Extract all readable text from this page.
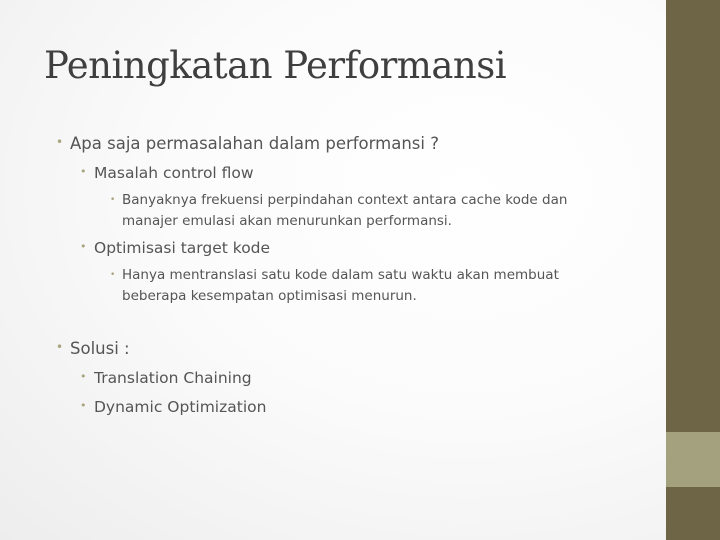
Peningkatan Performansi
• Apa saja permasalahan dalam performansi ?
• Masalah control flow
• Banyaknya frekuensi perpindahan context antara cache kode dan
manajer emulasi akan menurunkan performansi.
• Optimisasi target kode
• Hanya mentranslasi satu kode dalam satu waktu akan membuat
beberapa kesempatan optimisasi menurun.
• Solusi :
• Translation Chaining
• Dynamic Optimization
